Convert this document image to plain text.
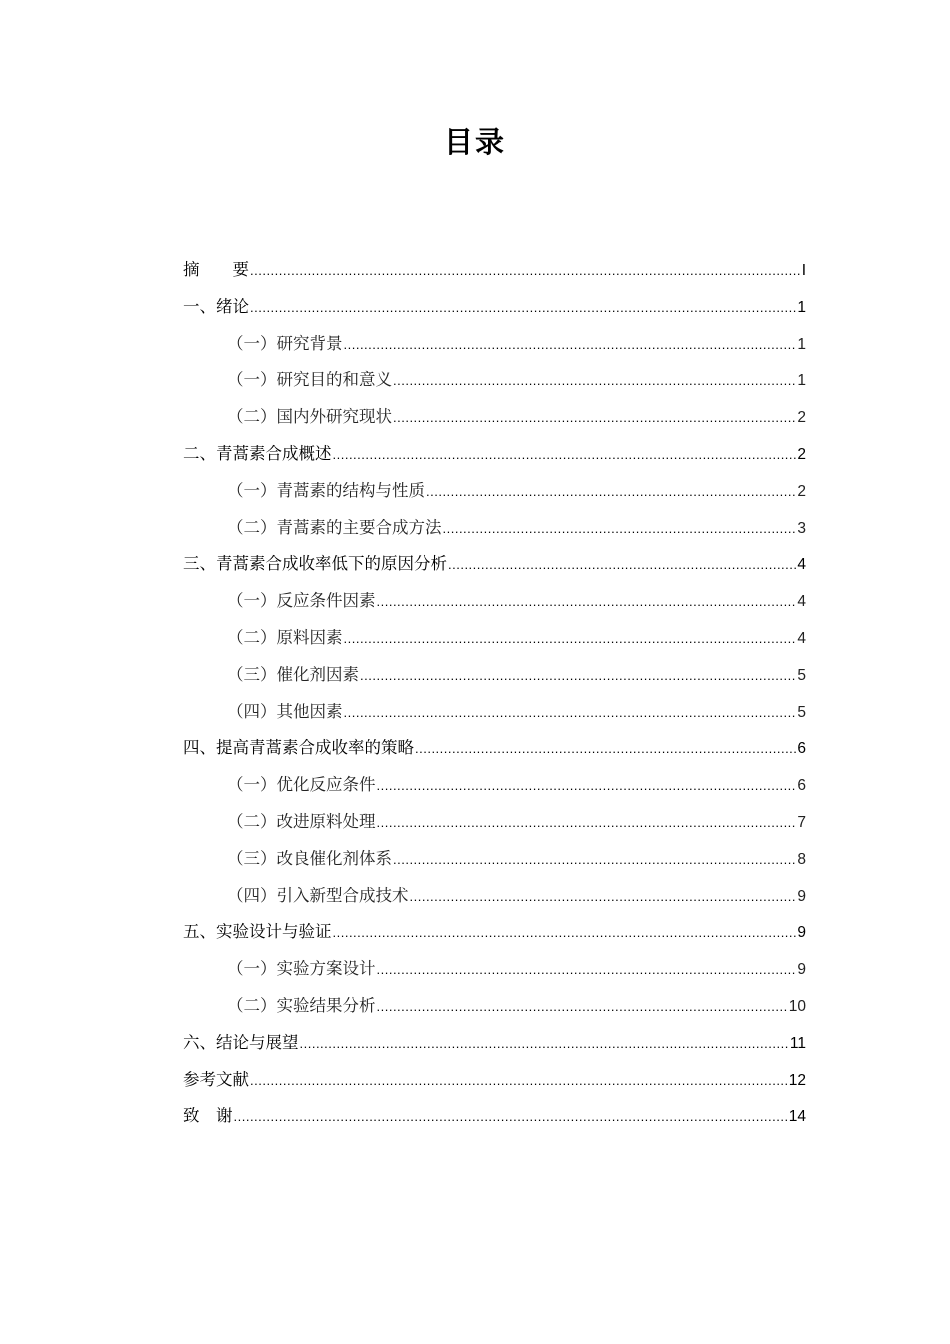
目录
摘　　要 .....	I
一、绪论 .....	1
（一）研究背景 .....	1
（一）研究目的和意义 .....	1
（二）国内外研究现状 .....	2
二、青蒿素合成概述 .....	2
（一）青蒿素的结构与性质 .....	2
（二）青蒿素的主要合成方法 .....	3
三、青蒿素合成收率低下的原因分析 .....	4
（一）反应条件因素 .....	4
（二）原料因素 .....	4
（三）催化剂因素 .....	5
（四）其他因素 .....	5
四、提高青蒿素合成收率的策略 .....	6
（一）优化反应条件 .....	6
（二）改进原料处理 .....	7
（三）改良催化剂体系 .....	8
（四）引入新型合成技术 .....	9
五、实验设计与验证 .....	9
（一）实验方案设计 .....	9
（二）实验结果分析 .....	10
六、结论与展望 .....	11
参考文献 .....	12
致　谢 .....	14
